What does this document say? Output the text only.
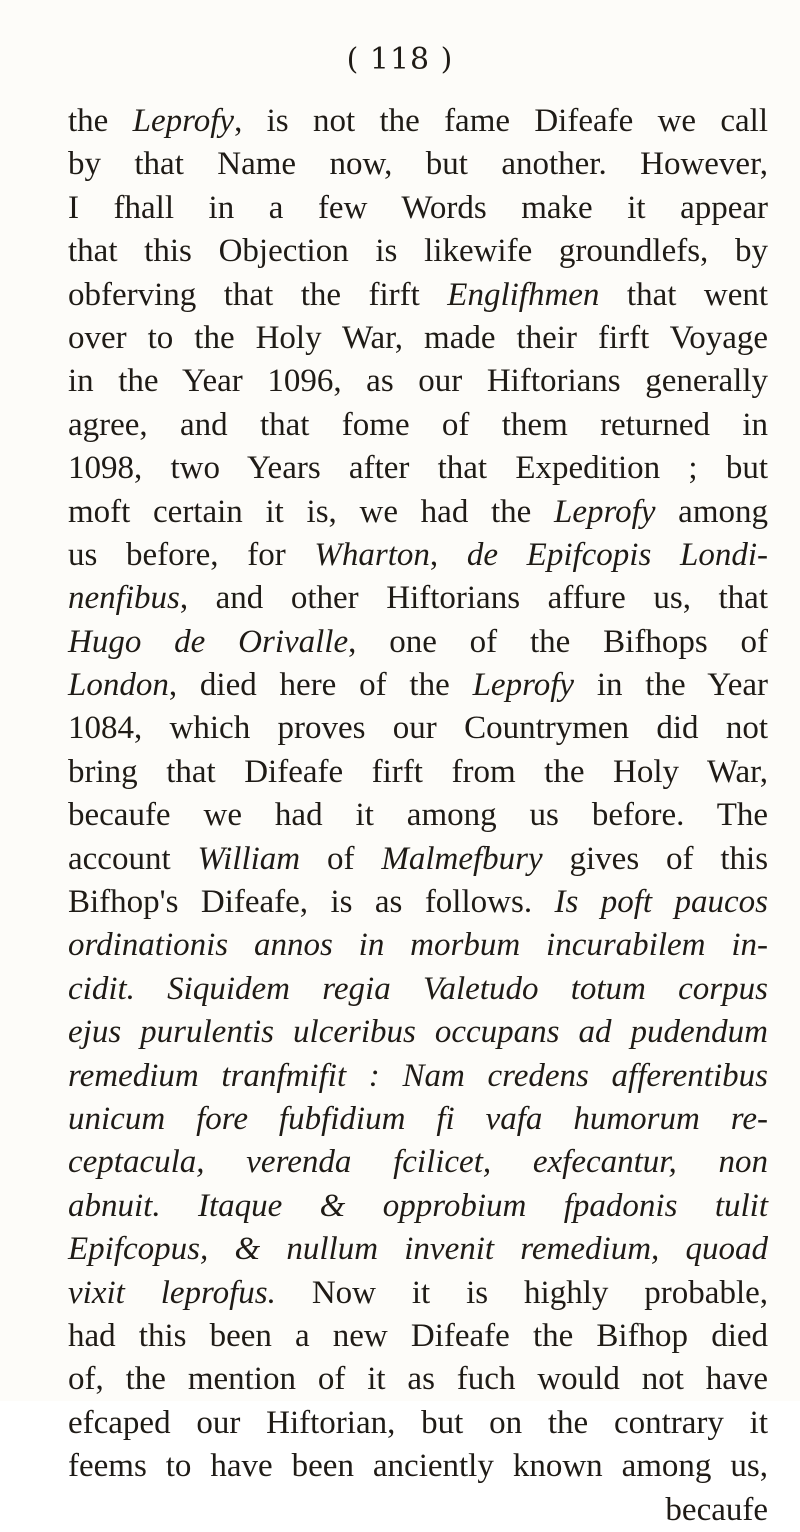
( 118 )
the Leprofy, is not the fame Difeafe we call
by that Name now, but another. However,
I fhall in a few Words make it appear
that this Objection is likewife groundlefs, by
obferving that the firft Englifhmen that went
over to the Holy War, made their firft Voyage
in the Year 1096, as our Hiftorians generally
agree, and that fome of them returned in
1098, two Years after that Expedition ; but
moft certain it is, we had the Leprofy among
us before, for Wharton, de Epifcopis Londi-
nenfibus, and other Hiftorians affure us, that
Hugo de Orivalle, one of the Bifhops of
London, died here of the Leprofy in the Year
1084, which proves our Countrymen did not
bring that Difeafe firft from the Holy War,
becaufe we had it among us before. The
account William of Malmefbury gives of this
Bifhop's Difeafe, is as follows. Is poft paucos
ordinationis annos in morbum incurabilem in-
cidit. Siquidem regia Valetudo totum corpus
ejus purulentis ulceribus occupans ad pudendum
remedium tranfmifit : Nam credens afferentibus
unicum fore fubfidium fi vafa humorum re-
ceptacula, verenda fcilicet, exfecantur, non
abnuit. Itaque & opprobium fpadonis tulit
Epifcopus, & nullum invenit remedium, quoad
vixit leprofus. Now it is highly probable,
had this been a new Difeafe the Bifhop died
of, the mention of it as fuch would not have
efcaped our Hiftorian, but on the contrary it
feems to have been anciently known among us,
becaufe
